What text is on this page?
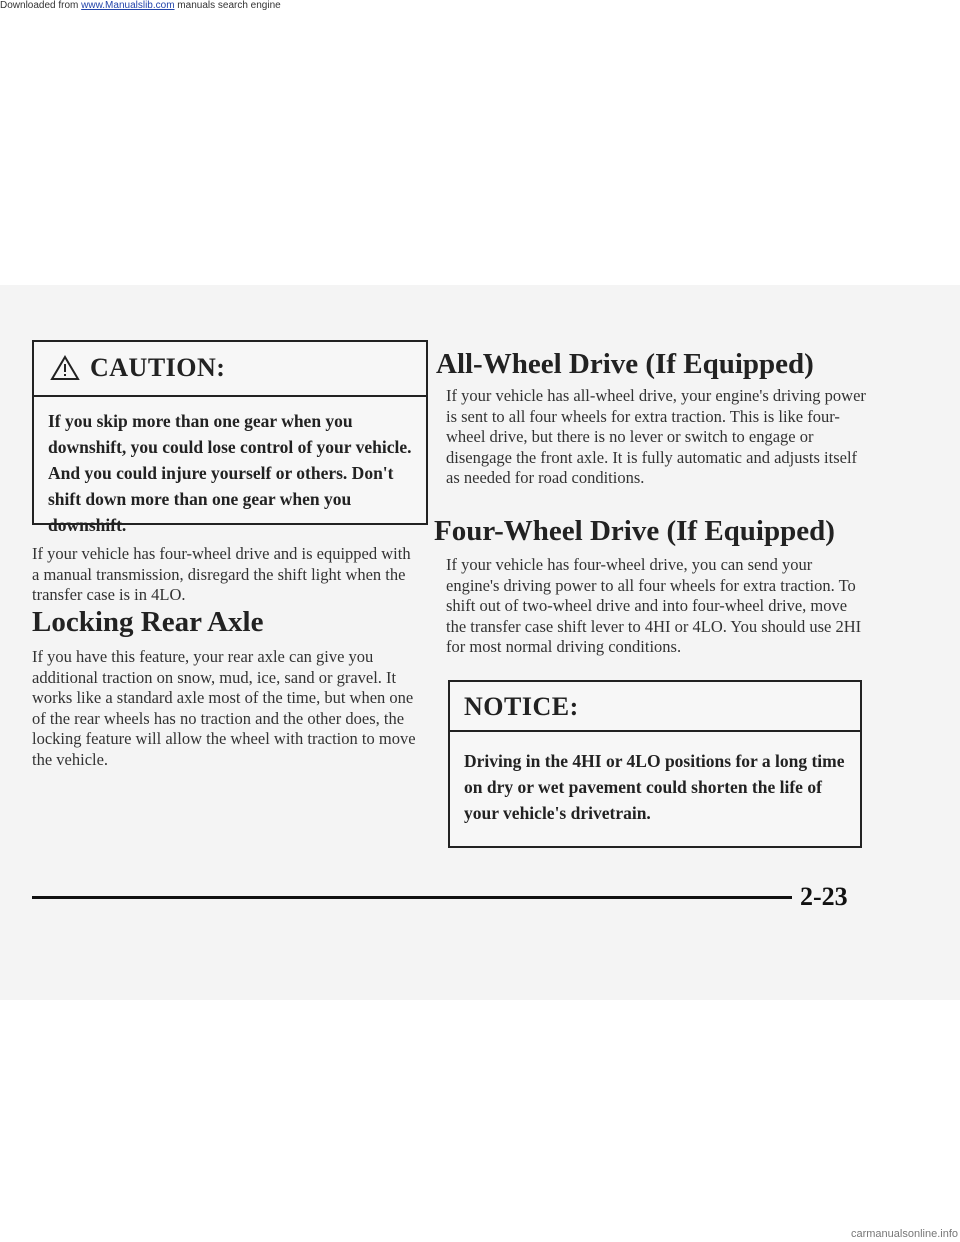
Downloaded from www.Manualslib.com manuals search engine
CAUTION:
If you skip more than one gear when you downshift, you could lose control of your vehicle. And you could injure yourself or others. Don't shift down more than one gear when you downshift.
If your vehicle has four-wheel drive and is equipped with a manual transmission, disregard the shift light when the transfer case is in 4LO.
Locking Rear Axle
If you have this feature, your rear axle can give you additional traction on snow, mud, ice, sand or gravel. It works like a standard axle most of the time, but when one of the rear wheels has no traction and the other does, the locking feature will allow the wheel with traction to move the vehicle.
All-Wheel Drive (If Equipped)
If your vehicle has all-wheel drive, your engine's driving power is sent to all four wheels for extra traction. This is like four-wheel drive, but there is no lever or switch to engage or disengage the front axle. It is fully automatic and adjusts itself as needed for road conditions.
Four-Wheel Drive (If Equipped)
If your vehicle has four-wheel drive, you can send your engine's driving power to all four wheels for extra traction. To shift out of two-wheel drive and into four-wheel drive, move the transfer case shift lever to 4HI or 4LO. You should use 2HI for most normal driving conditions.
NOTICE:
Driving in the 4HI or 4LO positions for a long time on dry or wet pavement could shorten the life of your vehicle's drivetrain.
2-23
carmanualsonline.info
